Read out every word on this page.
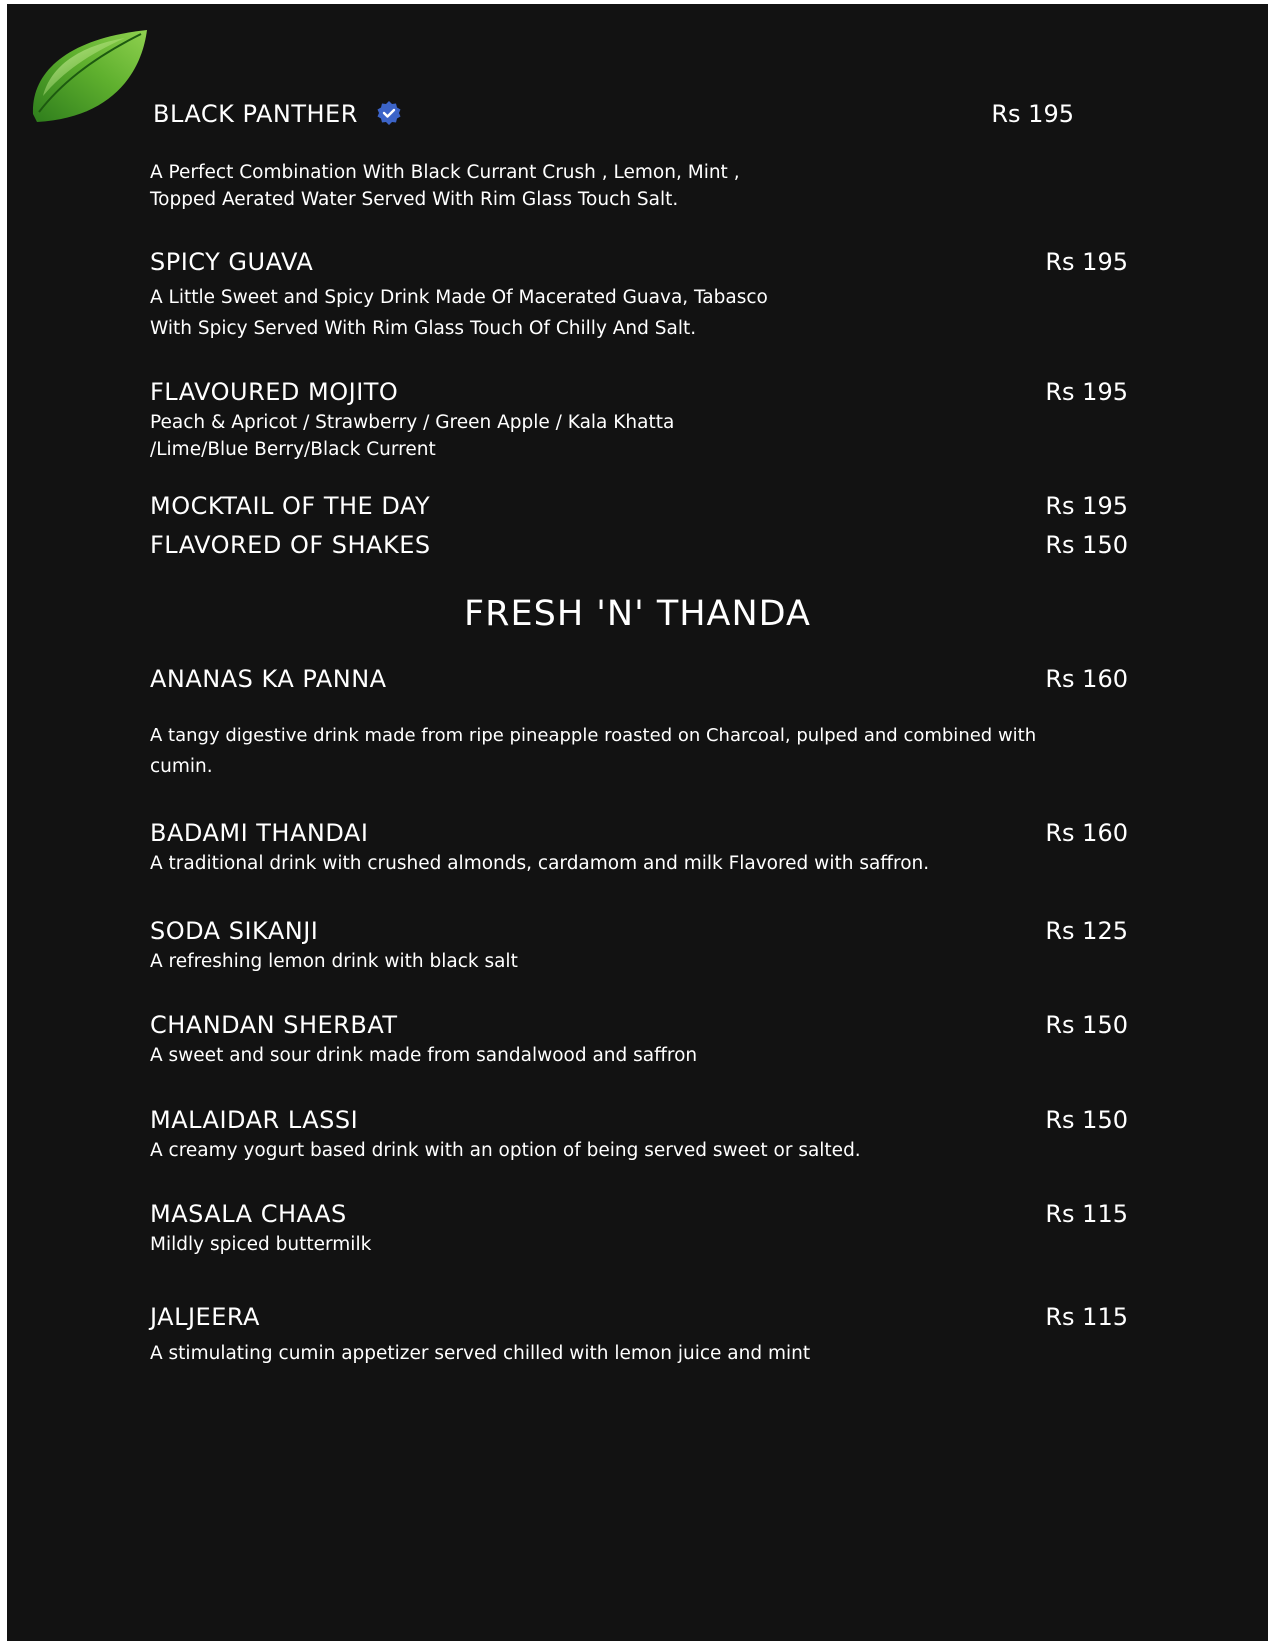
BLACK PANTHER	Rs 195
A Perfect Combination With Black Currant Crush , Lemon, Mint ,
Topped Aerated Water Served With Rim Glass Touch Salt.
SPICY GUAVA	Rs 195
A Little Sweet and Spicy Drink Made Of Macerated Guava, Tabasco
With Spicy Served With Rim Glass Touch Of Chilly And Salt.
FLAVOURED MOJITO	Rs 195
Peach & Apricot / Strawberry / Green Apple / Kala Khatta
/Lime/Blue Berry/Black Current
MOCKTAIL OF THE DAY	Rs 195
FLAVORED OF SHAKES	Rs 150
FRESH 'N' THANDA
ANANAS KA PANNA	Rs 160
A tangy digestive drink made from ripe pineapple roasted on Charcoal, pulped and combined with
cumin.
BADAMI THANDAI	Rs 160
A traditional drink with crushed almonds, cardamom and milk Flavored with saffron.
SODA SIKANJI	Rs 125
A refreshing lemon drink with black salt
CHANDAN SHERBAT	Rs 150
A sweet and sour drink made from sandalwood and saffron
MALAIDAR LASSI	Rs 150
A creamy yogurt based drink with an option of being served sweet or salted.
MASALA CHAAS	Rs 115
Mildly spiced buttermilk
JALJEERA	Rs 115
A stimulating cumin appetizer served chilled with lemon juice and mint
